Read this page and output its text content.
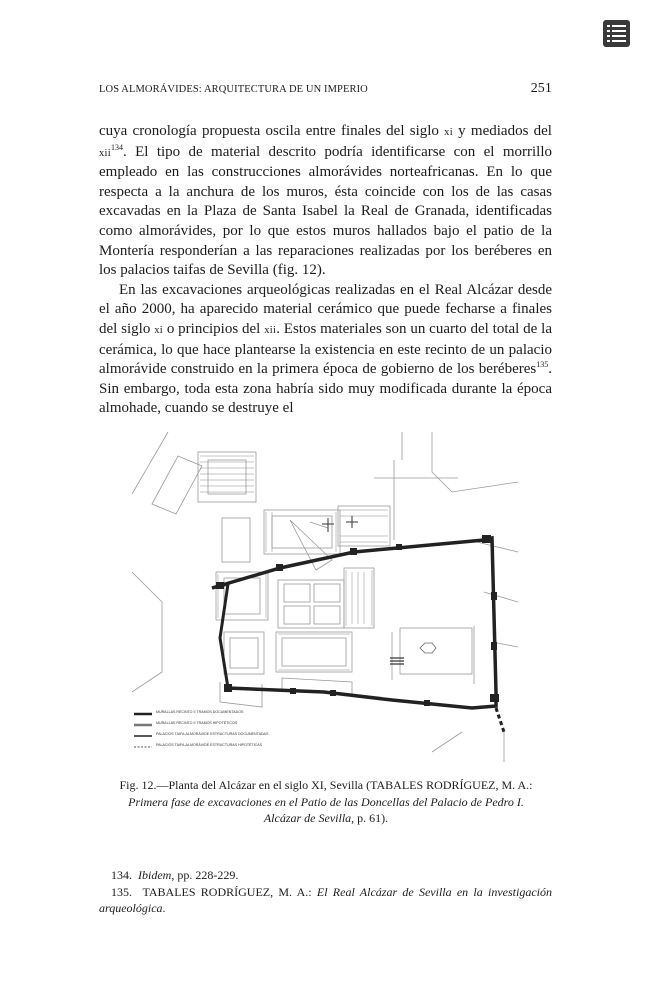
LOS ALMORÁVIDES: ARQUITECTURA DE UN IMPERIO	251

cuya cronología propuesta oscila entre finales del siglo xi y mediados del xii$^{134}$. El tipo de material descrito podría identificarse con el morrillo empleado en las construcciones almorávides norteafricanas. En lo que respecta a la anchura de los muros, ésta coincide con los de las casas excavadas en la Plaza de Santa Isabel la Real de Granada, identificadas como almorávides, por lo que estos muros hallados bajo el patio de la Montería responderían a las reparaciones realizadas por los beréberes en los palacios taifas de Sevilla (fig. 12).

En las excavaciones arqueológicas realizadas en el Real Alcázar desde el año 2000, ha aparecido material cerámico que puede fecharse a finales del siglo xi o principios del xii. Estos materiales son un cuarto del total de la cerámica, lo que hace plantearse la existencia en este recinto de un palacio almorávide construido en la primera época de gobierno de los beréberes$^{135}$. Sin embargo, toda esta zona habría sido muy modificada durante la época almohade, cuando se destruye el

MURALLAS RECINTO II TRAMOS DOCUMENTADOS
MURALLAS RECINTO II TRAMOS HIPOTÉTICOS
PALACIOS TAIFA-ALMORÁVIDE ESTRUCTURAS DOCUMENTADAS
PALACIOS TAIFA-ALMORÁVIDE ESTRUCTURAS HIPOTÉTICAS
Fig. 12.—Planta del Alcázar en el siglo XI, Sevilla (TABALES RODRÍGUEZ, M. A.: Primera fase de excavaciones en el Patio de las Doncellas del Palacio de Pedro I. Alcázar de Sevilla, p. 61).

134. Ibidem, pp. 228-229.

135. TABALES RODRÍGUEZ, M. A.: El Real Alcázar de Sevilla en la investigación arqueológica.
